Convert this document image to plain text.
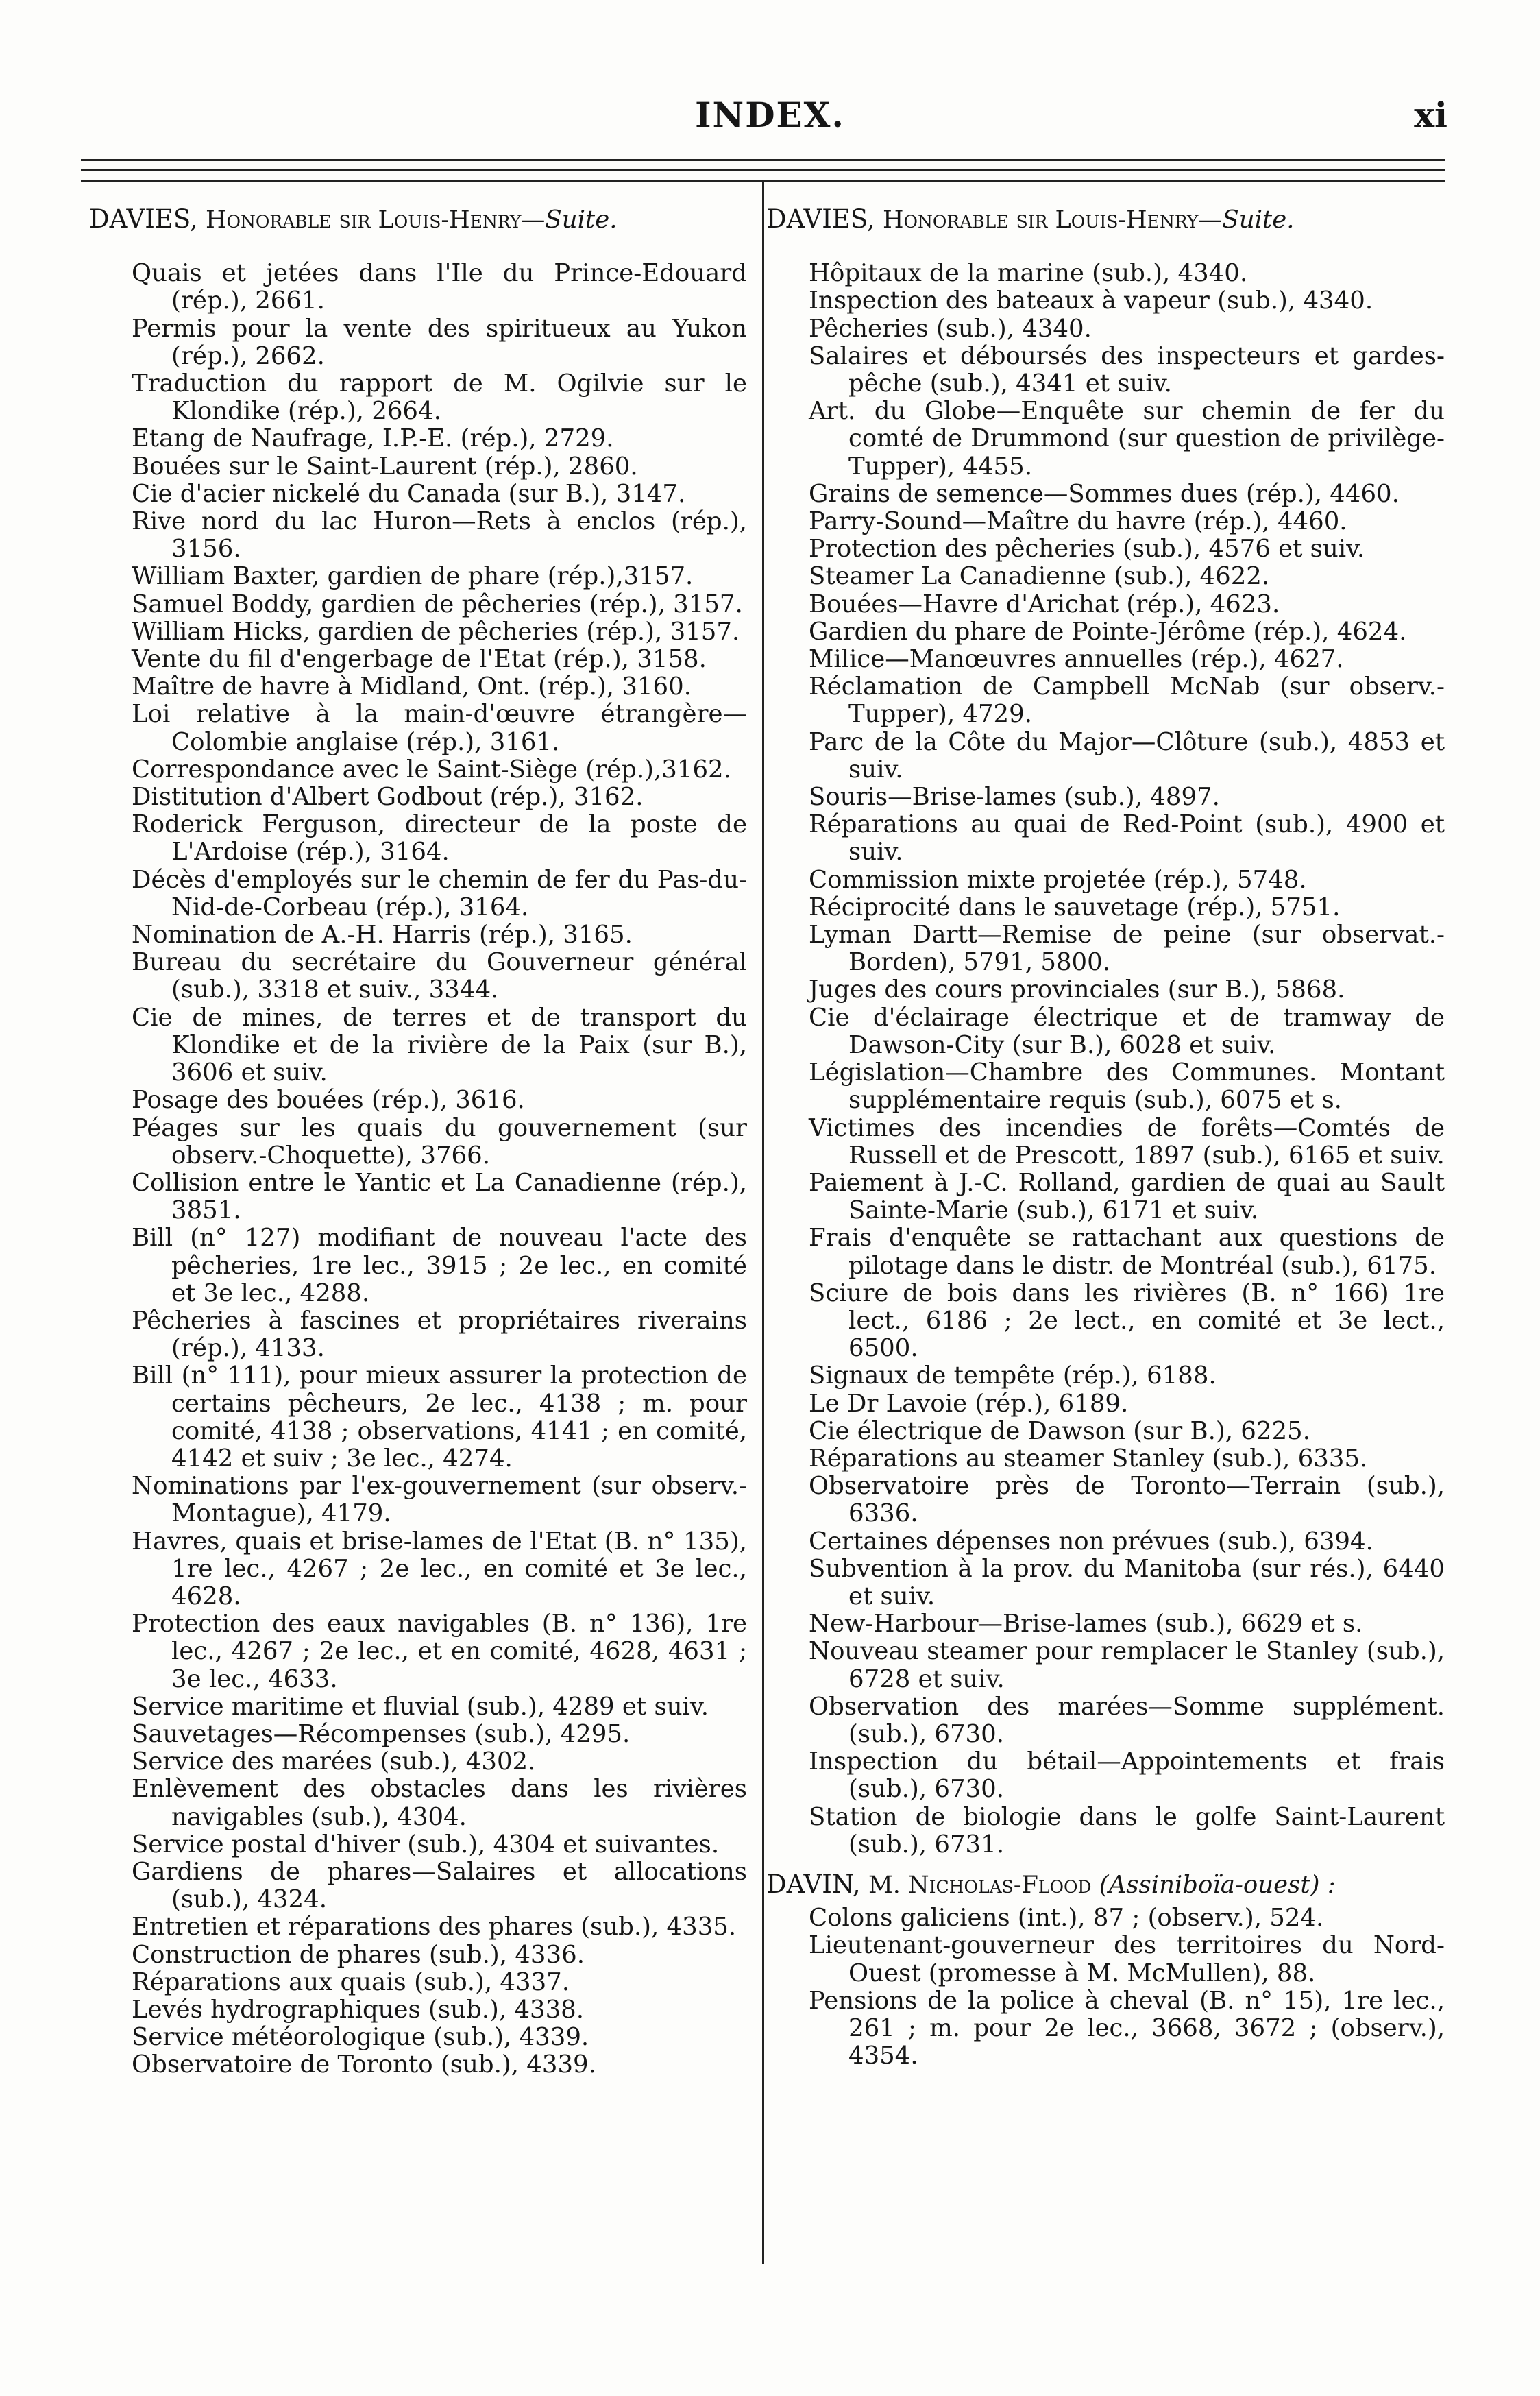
INDEX.	xi
DAVIES, Honorable sir Louis-Henry—Suite.
Quais et jetées dans l'Ile du Prince-Edouard (rép.), 2661.
Permis pour la vente des spiritueux au Yukon (rép.), 2662.
Traduction du rapport de M. Ogilvie sur le Klondike (rép.), 2664.
Etang de Naufrage, I.P.-E. (rép.), 2729.
Bouées sur le Saint-Laurent (rép.), 2860.
Cie d'acier nickelé du Canada (sur B.), 3147.
Rive nord du lac Huron—Rets à enclos (rép.), 3156.
William Baxter, gardien de phare (rép.),3157.
Samuel Boddy, gardien de pêcheries (rép.), 3157.
William Hicks, gardien de pêcheries (rép.), 3157.
Vente du fil d'engerbage de l'Etat (rép.), 3158.
Maître de havre à Midland, Ont. (rép.), 3160.
Loi relative à la main-d'œuvre étrangère—Colombie anglaise (rép.), 3161.
Correspondance avec le Saint-Siège (rép.),3162.
Distitution d'Albert Godbout (rép.), 3162.
Roderick Ferguson, directeur de la poste de L'Ardoise (rép.), 3164.
Décès d'employés sur le chemin de fer du Pas-du-Nid-de-Corbeau (rép.), 3164.
Nomination de A.-H. Harris (rép.), 3165.
Bureau du secrétaire du Gouverneur général (sub.), 3318 et suiv., 3344.
Cie de mines, de terres et de transport du Klondike et de la rivière de la Paix (sur B.), 3606 et suiv.
Posage des bouées (rép.), 3616.
Péages sur les quais du gouvernement (sur observ.-Choquette), 3766.
Collision entre le Yantic et La Canadienne (rép.), 3851.
Bill (n° 127) modifiant de nouveau l'acte des pêcheries, 1re lec., 3915 ; 2e lec., en comité et 3e lec., 4288.
Pêcheries à fascines et propriétaires riverains (rép.), 4133.
Bill (n° 111), pour mieux assurer la protection de certains pêcheurs, 2e lec., 4138 ; m. pour comité, 4138 ; observations, 4141 ; en comité, 4142 et suiv ; 3e lec., 4274.
Nominations par l'ex-gouvernement (sur observ.-Montague), 4179.
Havres, quais et brise-lames de l'Etat (B. n° 135), 1re lec., 4267 ; 2e lec., en comité et 3e lec., 4628.
Protection des eaux navigables (B. n° 136), 1re lec., 4267 ; 2e lec., et en comité, 4628, 4631 ; 3e lec., 4633.
Service maritime et fluvial (sub.), 4289 et suiv.
Sauvetages—Récompenses (sub.), 4295.
Service des marées (sub.), 4302.
Enlèvement des obstacles dans les rivières navigables (sub.), 4304.
Service postal d'hiver (sub.), 4304 et suivantes.
Gardiens de phares—Salaires et allocations (sub.), 4324.
Entretien et réparations des phares (sub.), 4335.
Construction de phares (sub.), 4336.
Réparations aux quais (sub.), 4337.
Levés hydrographiques (sub.), 4338.
Service météorologique (sub.), 4339.
Observatoire de Toronto (sub.), 4339.
DAVIES, Honorable sir Louis-Henry—Suite.
Hôpitaux de la marine (sub.), 4340.
Inspection des bateaux à vapeur (sub.), 4340.
Pêcheries (sub.), 4340.
Salaires et déboursés des inspecteurs et gardes-pêche (sub.), 4341 et suiv.
Art. du Globe—Enquête sur chemin de fer du comté de Drummond (sur question de privilège-Tupper), 4455.
Grains de semence—Sommes dues (rép.), 4460.
Parry-Sound—Maître du havre (rép.), 4460.
Protection des pêcheries (sub.), 4576 et suiv.
Steamer La Canadienne (sub.), 4622.
Bouées—Havre d'Arichat (rép.), 4623.
Gardien du phare de Pointe-Jérôme (rép.), 4624.
Milice—Manœuvres annuelles (rép.), 4627.
Réclamation de Campbell McNab (sur observ.-Tupper), 4729.
Parc de la Côte du Major—Clôture (sub.), 4853 et suiv.
Souris—Brise-lames (sub.), 4897.
Réparations au quai de Red-Point (sub.), 4900 et suiv.
Commission mixte projetée (rép.), 5748.
Réciprocité dans le sauvetage (rép.), 5751.
Lyman Dartt—Remise de peine (sur observat.-Borden), 5791, 5800.
Juges des cours provinciales (sur B.), 5868.
Cie d'éclairage électrique et de tramway de Dawson-City (sur B.), 6028 et suiv.
Législation—Chambre des Communes. Montant supplémentaire requis (sub.), 6075 et s.
Victimes des incendies de forêts—Comtés de Russell et de Prescott, 1897 (sub.), 6165 et suiv.
Paiement à J.-C. Rolland, gardien de quai au Sault Sainte-Marie (sub.), 6171 et suiv.
Frais d'enquête se rattachant aux questions de pilotage dans le distr. de Montréal (sub.), 6175.
Sciure de bois dans les rivières (B. n° 166) 1re lect., 6186 ; 2e lect., en comité et 3e lect., 6500.
Signaux de tempête (rép.), 6188.
Le Dr Lavoie (rép.), 6189.
Cie électrique de Dawson (sur B.), 6225.
Réparations au steamer Stanley (sub.), 6335.
Observatoire près de Toronto—Terrain (sub.), 6336.
Certaines dépenses non prévues (sub.), 6394.
Subvention à la prov. du Manitoba (sur rés.), 6440 et suiv.
New-Harbour—Brise-lames (sub.), 6629 et s.
Nouveau steamer pour remplacer le Stanley (sub.), 6728 et suiv.
Observation des marées—Somme supplément. (sub.), 6730.
Inspection du bétail—Appointements et frais (sub.), 6730.
Station de biologie dans le golfe Saint-Laurent (sub.), 6731.
DAVIN, M. Nicholas-Flood (Assiniboïa-ouest) :
Colons galiciens (int.), 87 ; (observ.), 524.
Lieutenant-gouverneur des territoires du Nord-Ouest (promesse à M. McMullen), 88.
Pensions de la police à cheval (B. n° 15), 1re lec., 261 ; m. pour 2e lec., 3668, 3672 ; (observ.), 4354.
